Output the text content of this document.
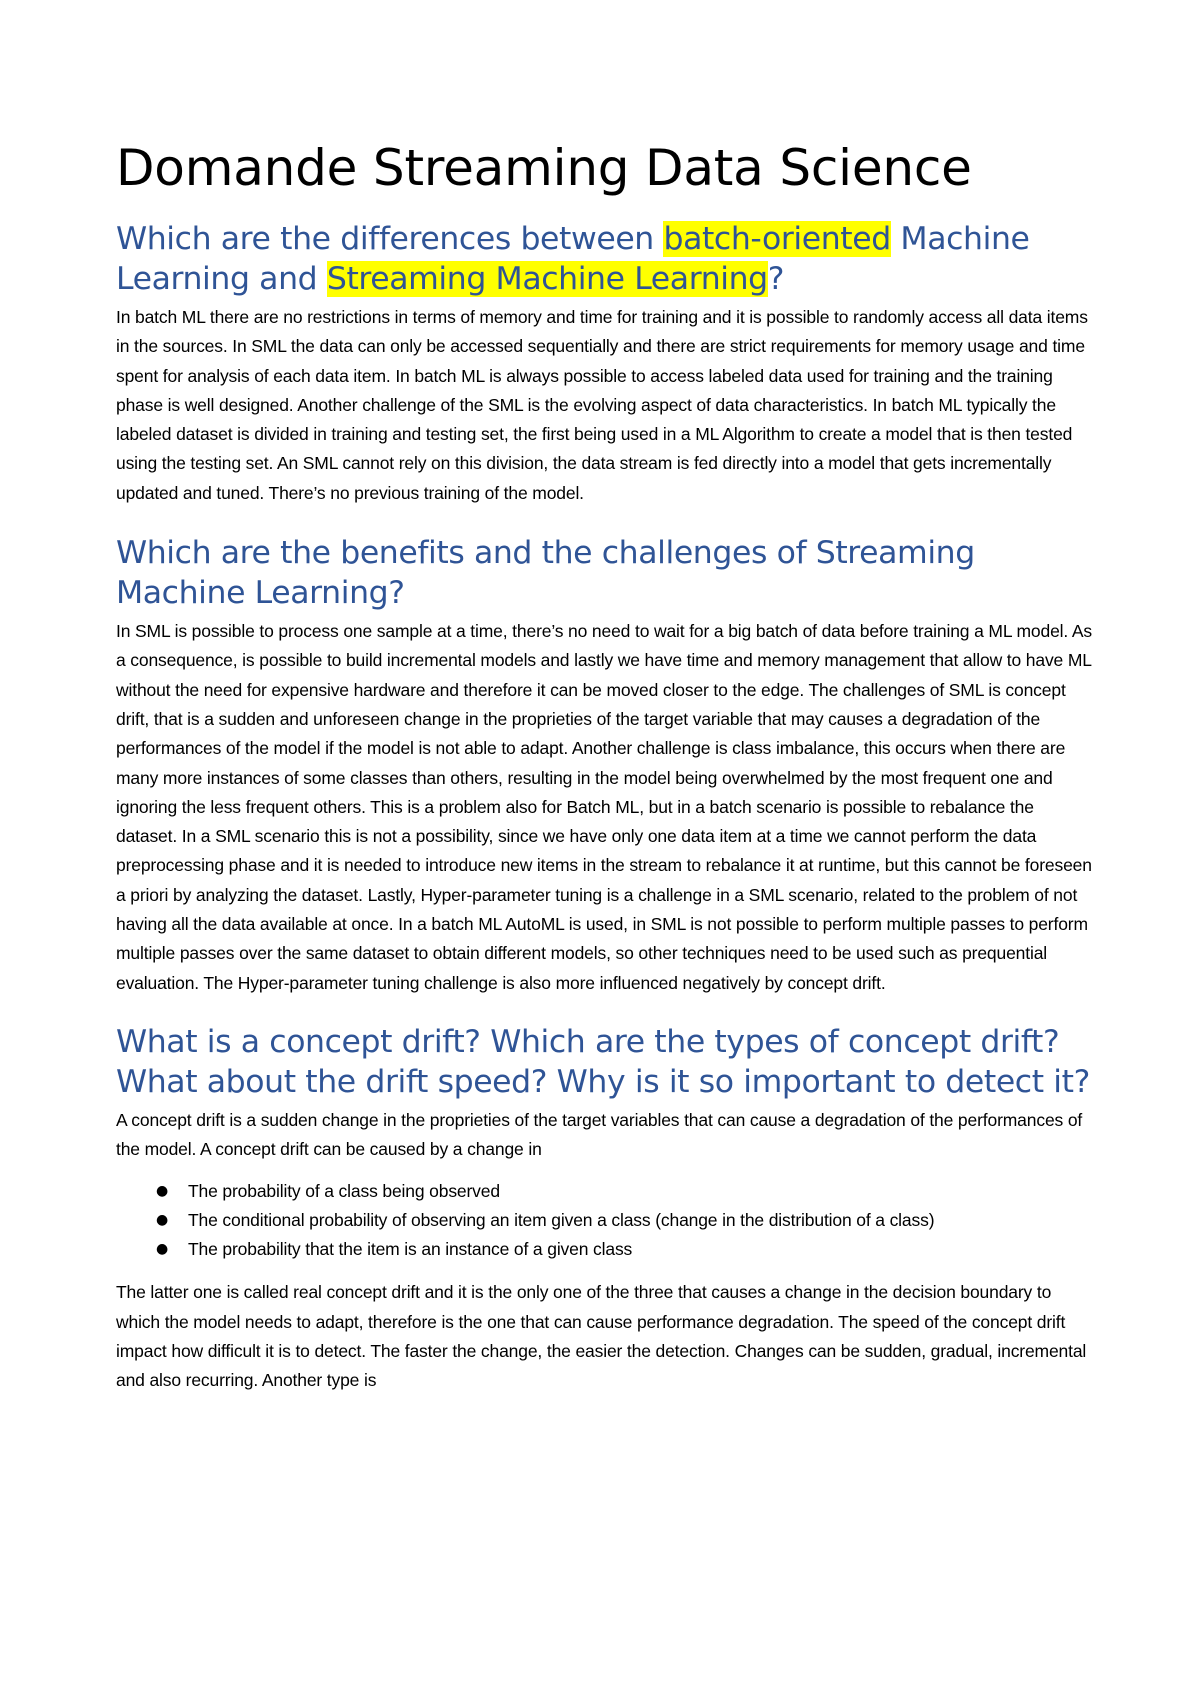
Domande Streaming Data Science
Which are the differences between batch-oriented Machine Learning and Streaming Machine Learning?

In batch ML there are no restrictions in terms of memory and time for training and it is possible to randomly access all data items in the sources. In SML the data can only be accessed sequentially and there are strict requirements for memory usage and time spent for analysis of each data item. In batch ML is always possible to access labeled data used for training and the training phase is well designed. Another challenge of the SML is the evolving aspect of data characteristics. In batch ML typically the labeled dataset is divided in training and testing set, the first being used in a ML Algorithm to create a model that is then tested using the testing set. An SML cannot rely on this division, the data stream is fed directly into a model that gets incrementally updated and tuned. There’s no previous training of the model.

Which are the benefits and the challenges of Streaming Machine Learning?

In SML is possible to process one sample at a time, there’s no need to wait for a big batch of data before training a ML model. As a consequence, is possible to build incremental models and lastly we have time and memory management that allow to have ML without the need for expensive hardware and therefore it can be moved closer to the edge. The challenges of SML is concept drift, that is a sudden and unforeseen change in the proprieties of the target variable that may causes a degradation of the performances of the model if the model is not able to adapt. Another challenge is class imbalance, this occurs when there are many more instances of some classes than others, resulting in the model being overwhelmed by the most frequent one and ignoring the less frequent others. This is a problem also for Batch ML, but in a batch scenario is possible to rebalance the dataset. In a SML scenario this is not a possibility, since we have only one data item at a time we cannot perform the data preprocessing phase and it is needed to introduce new items in the stream to rebalance it at runtime, but this cannot be foreseen a priori by analyzing the dataset. Lastly, Hyper-parameter tuning is a challenge in a SML scenario, related to the problem of not having all the data available at once. In a batch ML AutoML is used, in SML is not possible to perform multiple passes to perform multiple passes over the same dataset to obtain different models, so other techniques need to be used such as prequential evaluation. The Hyper-parameter tuning challenge is also more influenced negatively by concept drift.

What is a concept drift? Which are the types of concept drift? What about the drift speed? Why is it so important to detect it?

A concept drift is a sudden change in the proprieties of the target variables that can cause a degradation of the performances of the model. A concept drift can be caused by a change in

● The probability of a class being observed
● The conditional probability of observing an item given a class (change in the distribution of a class)
● The probability that the item is an instance of a given class

The latter one is called real concept drift and it is the only one of the three that causes a change in the decision boundary to which the model needs to adapt, therefore is the one that can cause performance degradation. The speed of the concept drift impact how difficult it is to detect. The faster the change, the easier the detection. Changes can be sudden, gradual, incremental and also recurring. Another type is
